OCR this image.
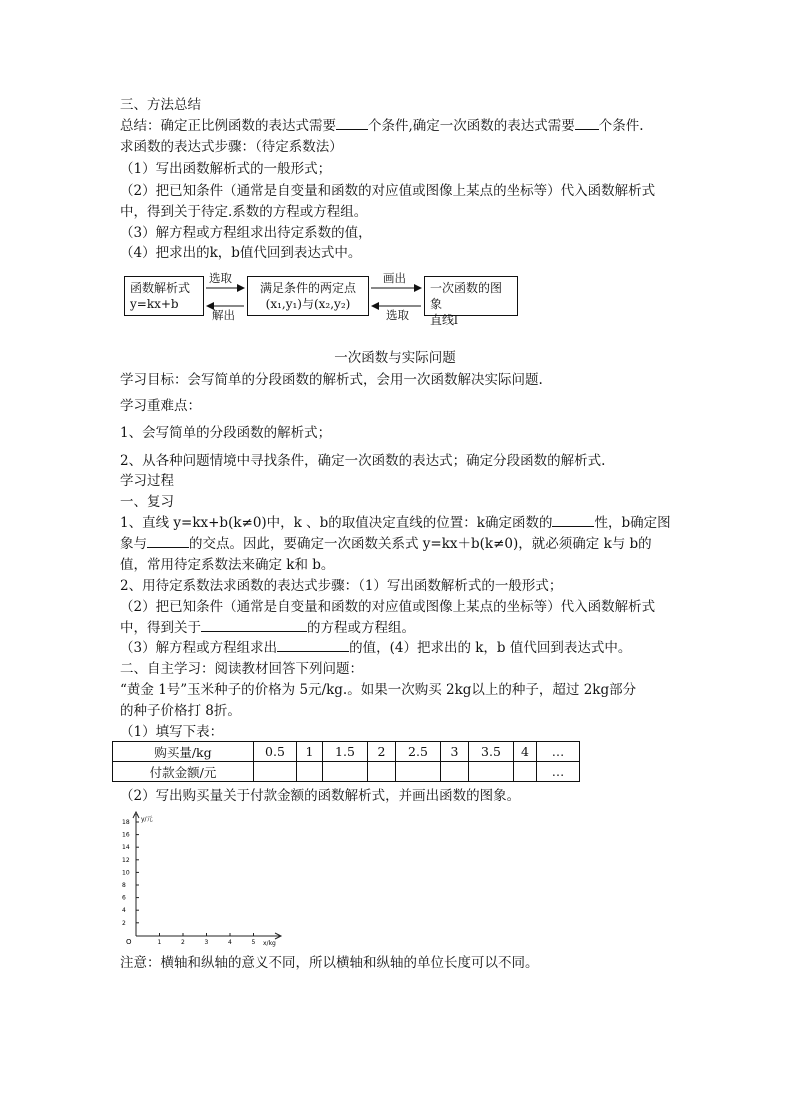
三、方法总结
总结：确定正比例函数的表达式需要 个条件,确定一次函数的表达式需要 个条件.
求函数的表达式步骤：（待定系数法）
（1）写出函数解析式的一般形式；
（2）把已知条件（通常是自变量和函数的对应值或图像上某点的坐标等）代入函数解析式
中，得到关于待定.系数的方程或方程组。
（3）解方程或方程组求出待定系数的值，
（4）把求出的k，b值代回到表达式中。
函数解析式
y=kx+b
满足条件的两定点
(x₁,y₁)与(x₂,y₂)
一次函数的图象
直线l
选取
解出
画出
选取
一次函数与实际问题
学习目标：会写简单的分段函数的解析式，会用一次函数解决实际问题.
学习重难点：
1、会写简单的分段函数的解析式；
2、从各种问题情境中寻找条件，确定一次函数的表达式；确定分段函数的解析式.
学习过程
一、复习
1、直线 y=kx+b(k≠0)中，k 、b的取值决定直线的位置：k确定函数的	性，b确定图
象与	的交点。因此，要确定一次函数关系式 y=kx＋b(k≠0)，就必须确定 k与 b的
值，常用待定系数法来确定 k和 b。
2、用待定系数法求函数的表达式步骤：（1）写出函数解析式的一般形式；
（2）把已知条件（通常是自变量和函数的对应值或图像上某点的坐标等）代入函数解析式
中，得到关于	的方程或方程组。
（3）解方程或方程组求出	的值，(4）把求出的 k，b 值代回到表达式中。
二、自主学习：阅读教材回答下列问题：
“黄金 1号”玉米种子的价格为 5元/kg.。如果一次购买 2kg以上的种子，超过 2kg部分
的种子价格打 8折。
（1）填写下表：
购买量/kg	0.5	1	1.5	2	2.5	3	3.5	4	…
付款金额/元									…
（2）写出购买量关于付款金额的函数解析式，并画出函数的图象。
y/元
x/kg
O
18
16
14
12
10
8
6
4
2
1	2	3	4	5
注意：横轴和纵轴的意义不同，所以横轴和纵轴的单位长度可以不同。
